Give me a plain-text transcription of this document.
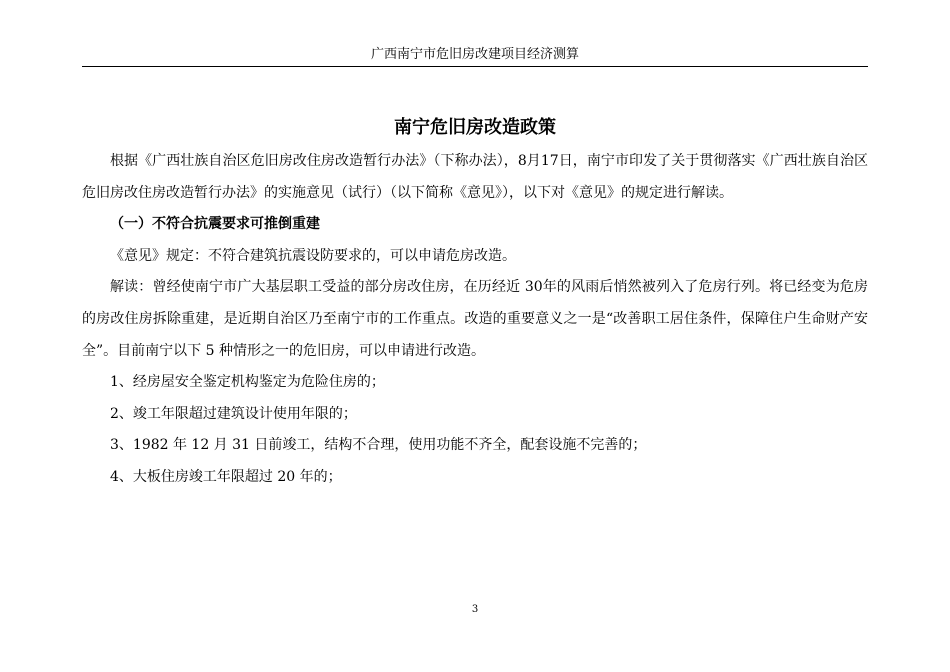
广西南宁市危旧房改建项目经济测算
南宁危旧房改造政策

根据《广西壮族自治区危旧房改住房改造暂行办法》（下称办法），8月17日，南宁市印发了关于贯彻落实《广西壮族自治区危旧房改住房改造暂行办法》的实施意见（试行）（以下简称《意见》），以下对《意见》的规定进行解读。

（一）不符合抗震要求可推倒重建

《意见》规定：不符合建筑抗震设防要求的，可以申请危房改造。

解读：曾经使南宁市广大基层职工受益的部分房改住房，在历经近 30年的风雨后悄然被列入了危房行列。将已经变为危房的房改住房拆除重建，是近期自治区乃至南宁市的工作重点。改造的重要意义之一是“改善职工居住条件，保障住户生命财产安全”。目前南宁以下 5 种情形之一的危旧房，可以申请进行改造。

1、经房屋安全鉴定机构鉴定为危险住房的；

2、竣工年限超过建筑设计使用年限的；

3、1982 年 12 月 31 日前竣工，结构不合理，使用功能不齐全，配套设施不完善的；

4、大板住房竣工年限超过 20 年的；

3
